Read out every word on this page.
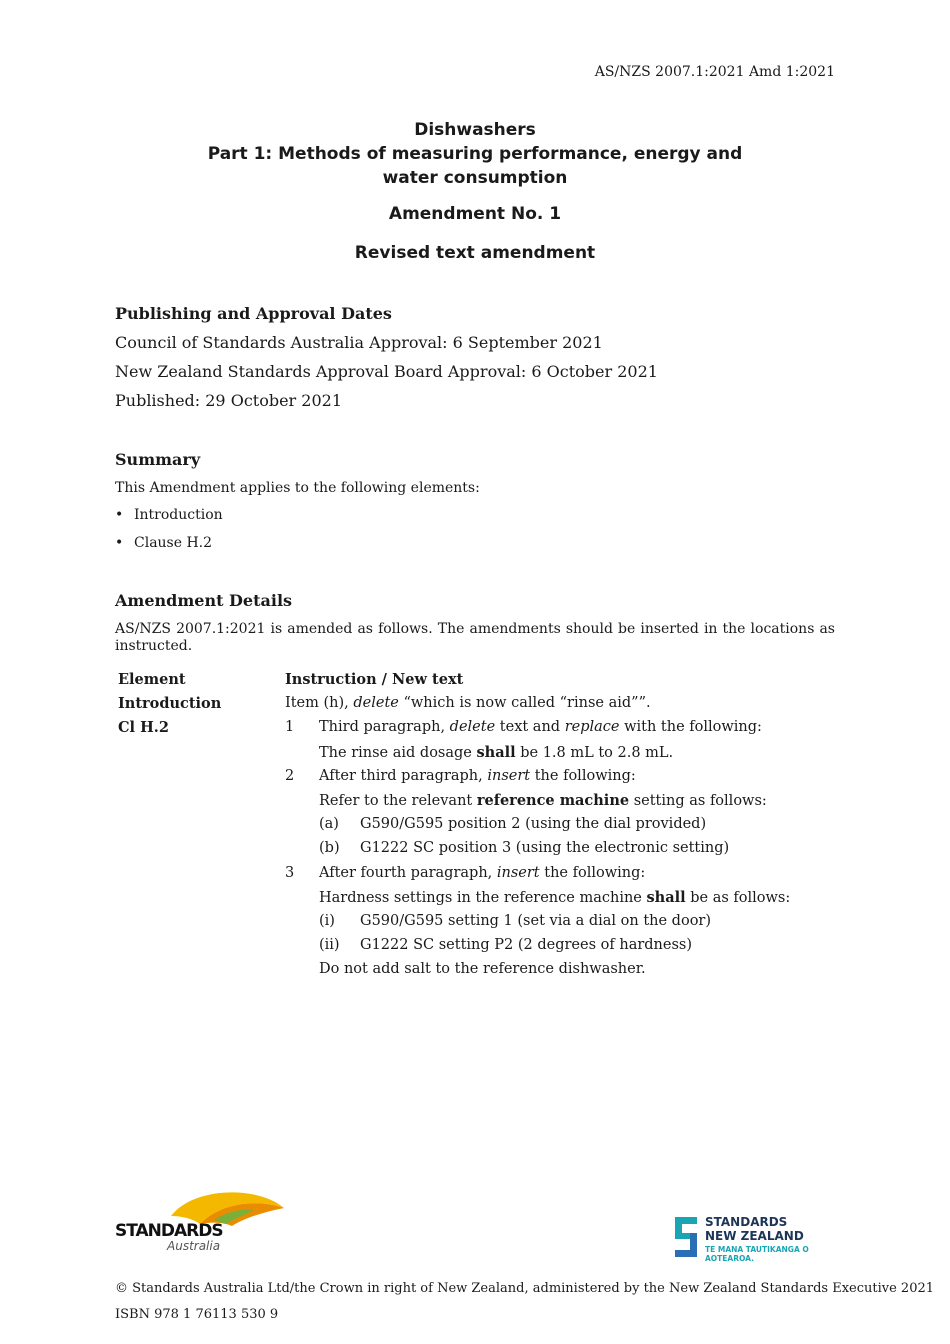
AS/NZS 2007.1:2021 Amd 1:2021
Dishwashers
Part 1: Methods of measuring performance, energy and
water consumption
Amendment No. 1
Revised text amendment
Publishing and Approval Dates
Council of Standards Australia Approval: 6 September 2021
New Zealand Standards Approval Board Approval: 6 October 2021
Published: 29 October 2021
Summary
This Amendment applies to the following elements:
• Introduction
• Clause H.2
Amendment Details
AS/NZS 2007.1:2021 is amended as follows. The amendments should be inserted in the locations as instructed.
Element	Instruction / New text
Introduction	Item (h), delete “which is now called “rinse aid””.
Cl H.2	1 Third paragraph, delete text and replace with the following:
The rinse aid dosage shall be 1.8 mL to 2.8 mL.
2 After third paragraph, insert the following:
Refer to the relevant reference machine setting as follows:
(a) G590/G595 position 2 (using the dial provided)
(b) G1222 SC position 3 (using the electronic setting)
3 After fourth paragraph, insert the following:
Hardness settings in the reference machine shall be as follows:
(i) G590/G595 setting 1 (set via a dial on the door)
(ii) G1222 SC setting P2 (2 degrees of hardness)
Do not add salt to the reference dishwasher.
STANDARDS
Australia
STANDARDS
NEW ZEALAND
TE MANA TAUTIKANGA O AOTEAROA.
© Standards Australia Ltd/the Crown in right of New Zealand, administered by the New Zealand Standards Executive 2021
ISBN 978 1 76113 530 9
